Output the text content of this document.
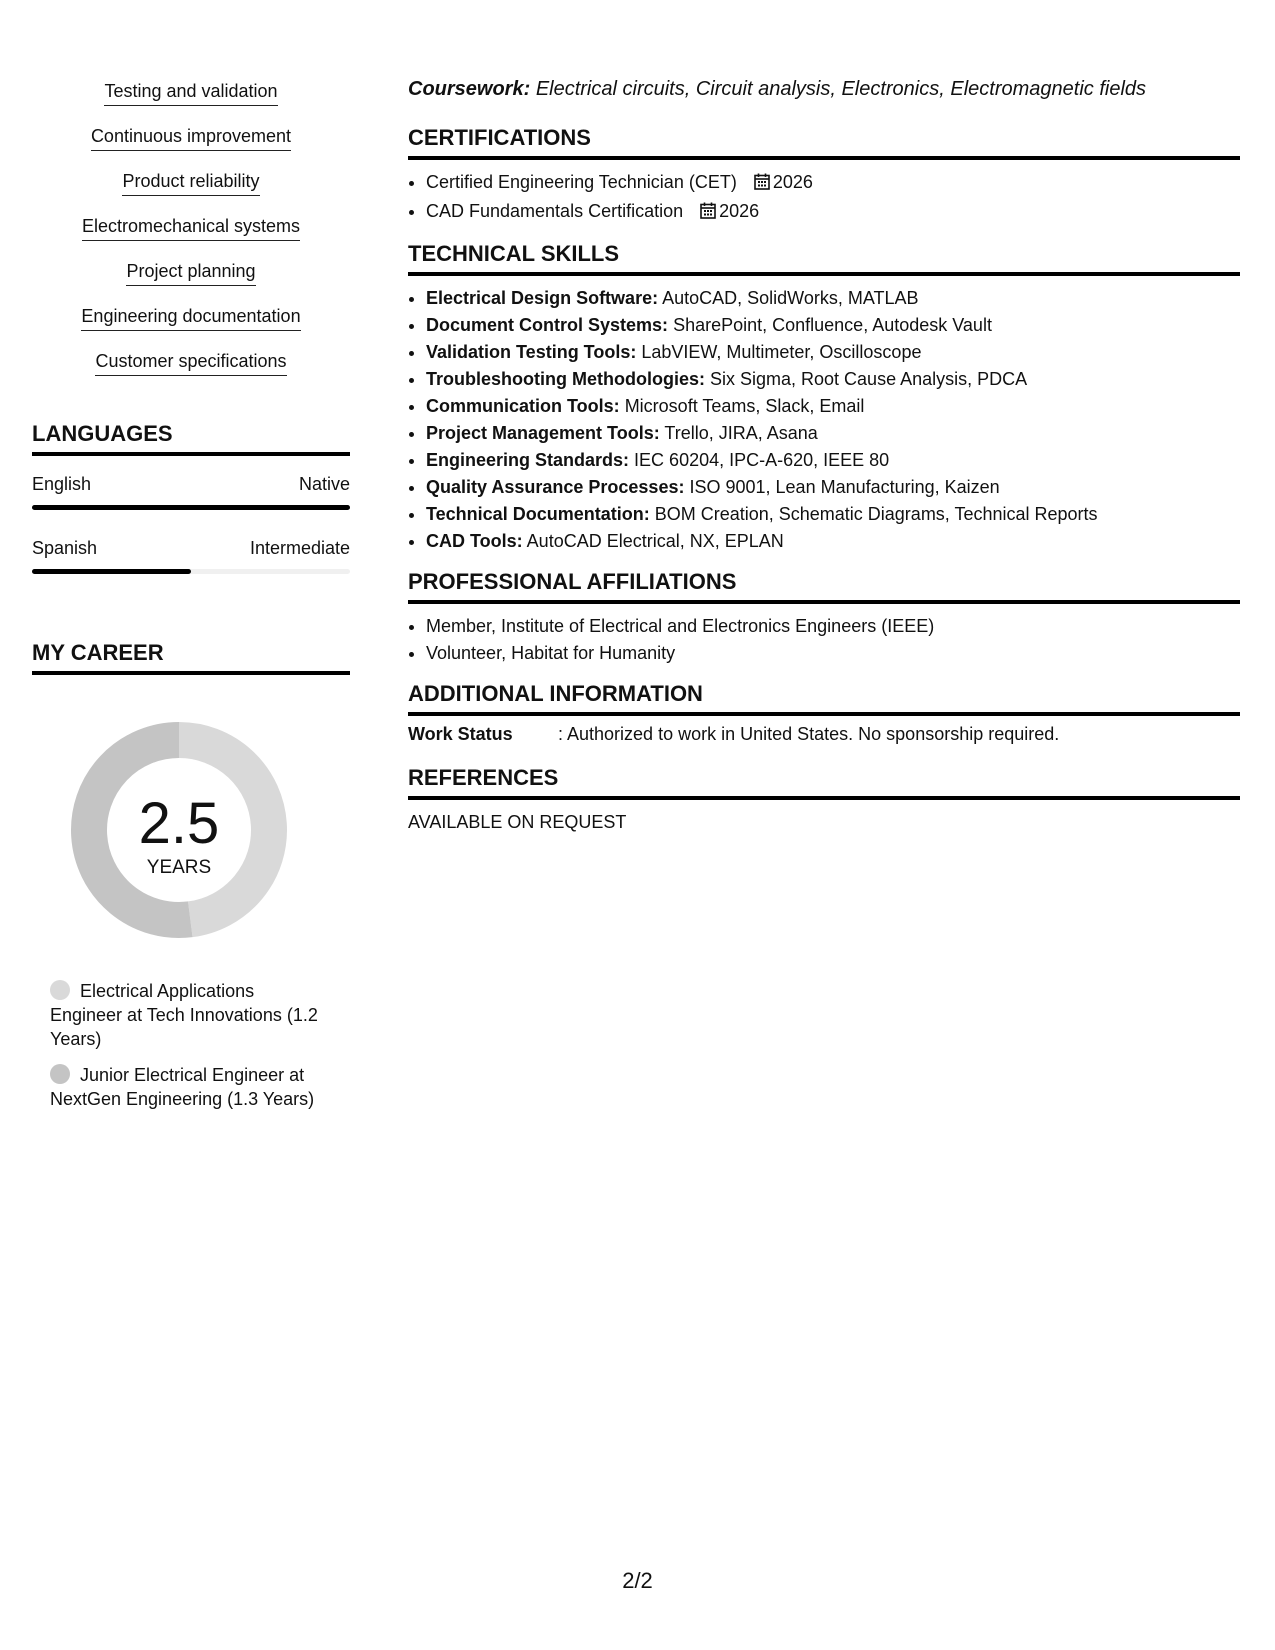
Testing and validation
Continuous improvement
Product reliability
Electromechanical systems
Project planning
Engineering documentation
Customer specifications
LANGUAGES
English	Native
Spanish	Intermediate
MY CAREER
2.5
YEARS
Electrical Applications Engineer at Tech Innovations (1.2 Years)
Junior Electrical Engineer at NextGen Engineering (1.3 Years)

Coursework: Electrical circuits, Circuit analysis, Electronics, Electromagnetic fields

CERTIFICATIONS
• Certified Engineering Technician (CET) 2026
• CAD Fundamentals Certification 2026
TECHNICAL SKILLS
• Electrical Design Software: AutoCAD, SolidWorks, MATLAB
• Document Control Systems: SharePoint, Confluence, Autodesk Vault
• Validation Testing Tools: LabVIEW, Multimeter, Oscilloscope
• Troubleshooting Methodologies: Six Sigma, Root Cause Analysis, PDCA
• Communication Tools: Microsoft Teams, Slack, Email
• Project Management Tools: Trello, JIRA, Asana
• Engineering Standards: IEC 60204, IPC-A-620, IEEE 80
• Quality Assurance Processes: ISO 9001, Lean Manufacturing, Kaizen
• Technical Documentation: BOM Creation, Schematic Diagrams, Technical Reports
• CAD Tools: AutoCAD Electrical, NX, EPLAN
PROFESSIONAL AFFILIATIONS
• Member, Institute of Electrical and Electronics Engineers (IEEE)
• Volunteer, Habitat for Humanity
ADDITIONAL INFORMATION
Work Status	: Authorized to work in United States. No sponsorship required.
REFERENCES
AVAILABLE ON REQUEST
2/2
